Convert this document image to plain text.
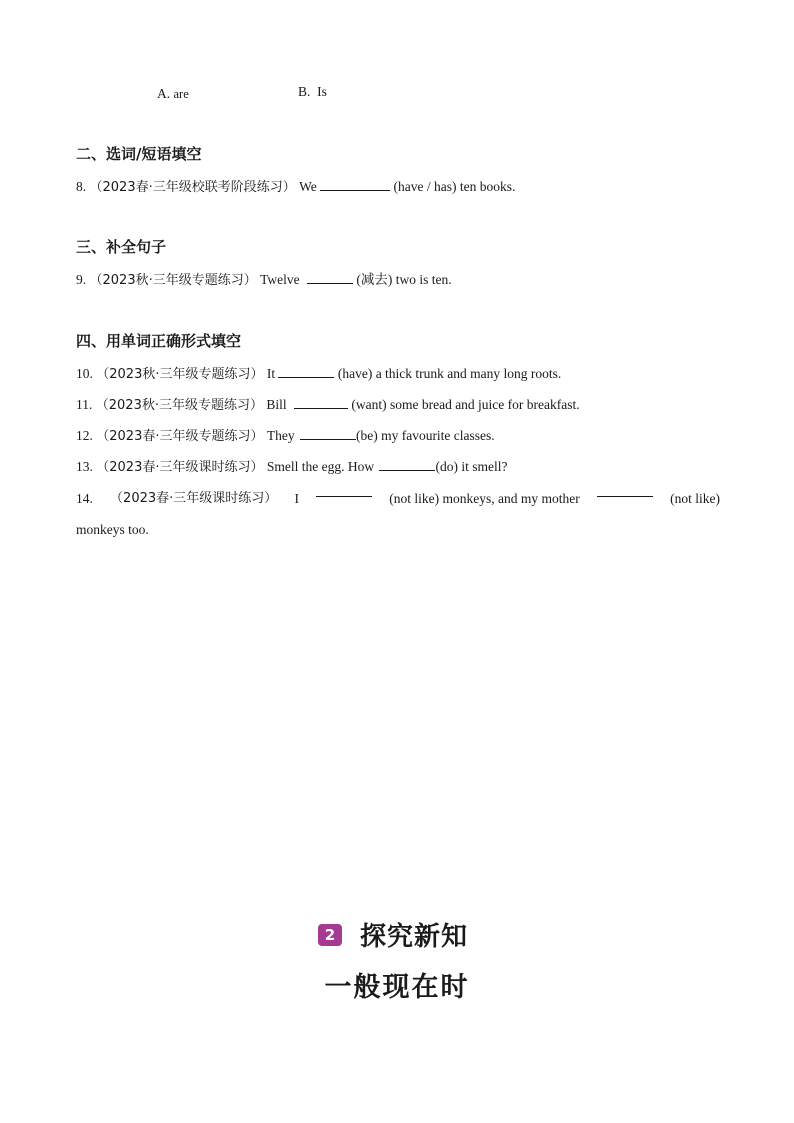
A. are	B. Is
二、选词/短语填空
8. （2023春·三年级校联考阶段练习） We	(have / has) ten books.
三、补全句子
9. （2023秋·三年级专题练习） Twelve	(减去) two is ten.
四、用单词正确形式填空
10. （2023秋·三年级专题练习） It	(have) a thick trunk and many long roots.
11. （2023秋·三年级专题练习） Bill	(want) some bread and juice for breakfast.
12. （2023春·三年级专题练习） They	(be) my favourite classes.
13. （2023春·三年级课时练习） Smell the egg. How	(do) it smell?
14. （2023春·三年级课时练习） I	(not like) monkeys, and my mother	(not like)
monkeys too.
2 探究新知
一般现在时
